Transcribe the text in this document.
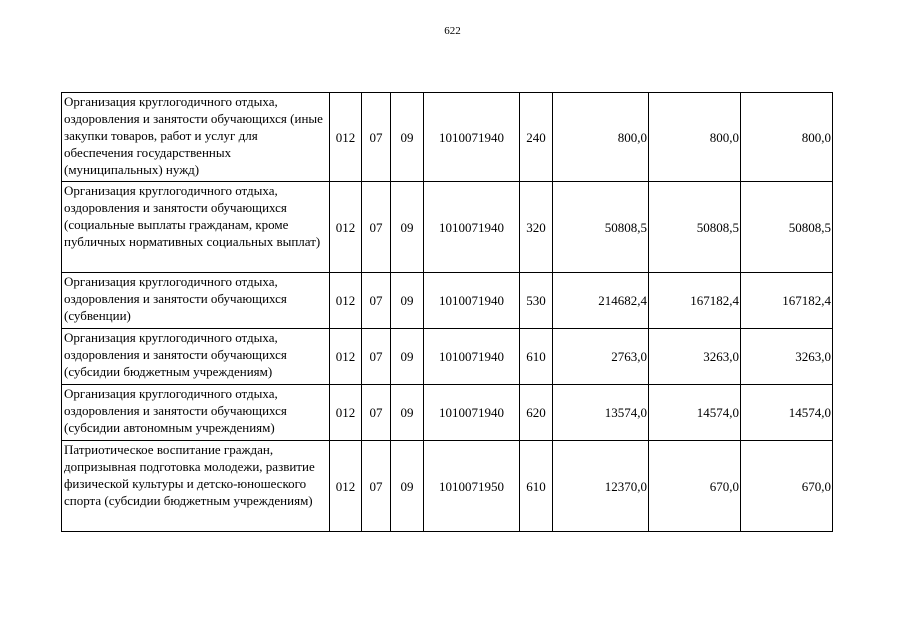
622
Организация круглогодичного отдыха, оздоровления и занятости обучающихся (иные закупки товаров, работ и услуг для обеспечения государственных (муниципальных) нужд)	012	07	09	1010071940	240	800,0	800,0	800,0
Организация круглогодичного отдыха, оздоровления и занятости обучающихся (социальные выплаты гражданам, кроме публичных нормативных социальных выплат)	012	07	09	1010071940	320	50808,5	50808,5	50808,5
Организация круглогодичного отдыха, оздоровления и занятости обучающихся (субвенции)	012	07	09	1010071940	530	214682,4	167182,4	167182,4
Организация круглогодичного отдыха, оздоровления и занятости обучающихся (субсидии бюджетным учреждениям)	012	07	09	1010071940	610	2763,0	3263,0	3263,0
Организация круглогодичного отдыха, оздоровления и занятости обучающихся (субсидии автономным учреждениям)	012	07	09	1010071940	620	13574,0	14574,0	14574,0
Патриотическое воспитание граждан, допризывная подготовка молодежи, развитие физической культуры и детско-юношеского спорта (субсидии бюджетным учреждениям)	012	07	09	1010071950	610	12370,0	670,0	670,0
